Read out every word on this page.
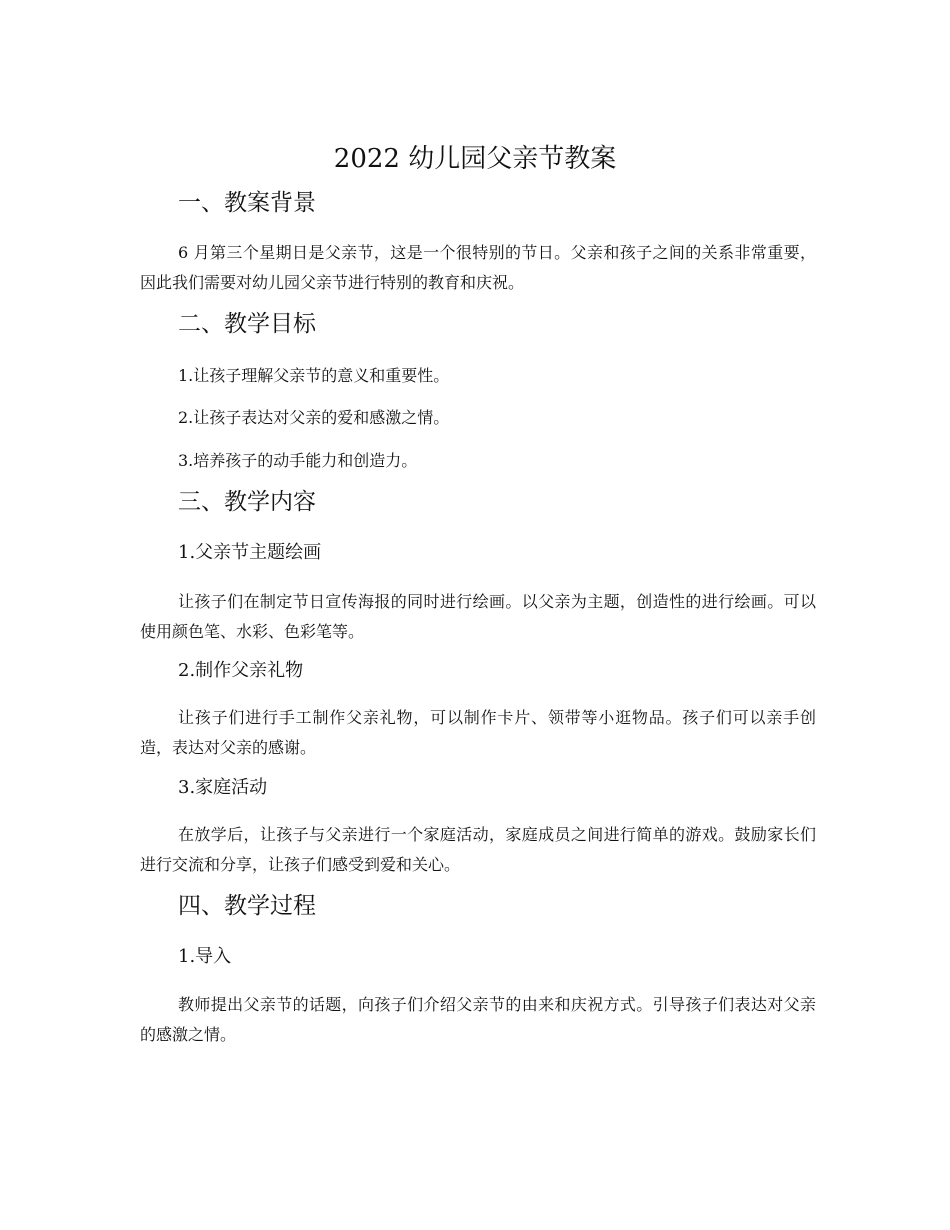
2022 幼儿园父亲节教案
一、教案背景

6 月第三个星期日是父亲节，这是一个很特别的节日。父亲和孩子之间的关系非常重要，因此我们需要对幼儿园父亲节进行特别的教育和庆祝。

二、教学目标

1.让孩子理解父亲节的意义和重要性。

2.让孩子表达对父亲的爱和感激之情。

3.培养孩子的动手能力和创造力。

三、教学内容
1.父亲节主题绘画

让孩子们在制定节日宣传海报的同时进行绘画。以父亲为主题，创造性的进行绘画。可以使用颜色笔、水彩、色彩笔等。

2.制作父亲礼物

让孩子们进行手工制作父亲礼物，可以制作卡片、领带等小逛物品。孩子们可以亲手创造，表达对父亲的感谢。

3.家庭活动

在放学后，让孩子与父亲进行一个家庭活动，家庭成员之间进行简单的游戏。鼓励家长们进行交流和分享，让孩子们感受到爱和关心。

四、教学过程
1.导入

教师提出父亲节的话题，向孩子们介绍父亲节的由来和庆祝方式。引导孩子们表达对父亲的感激之情。
